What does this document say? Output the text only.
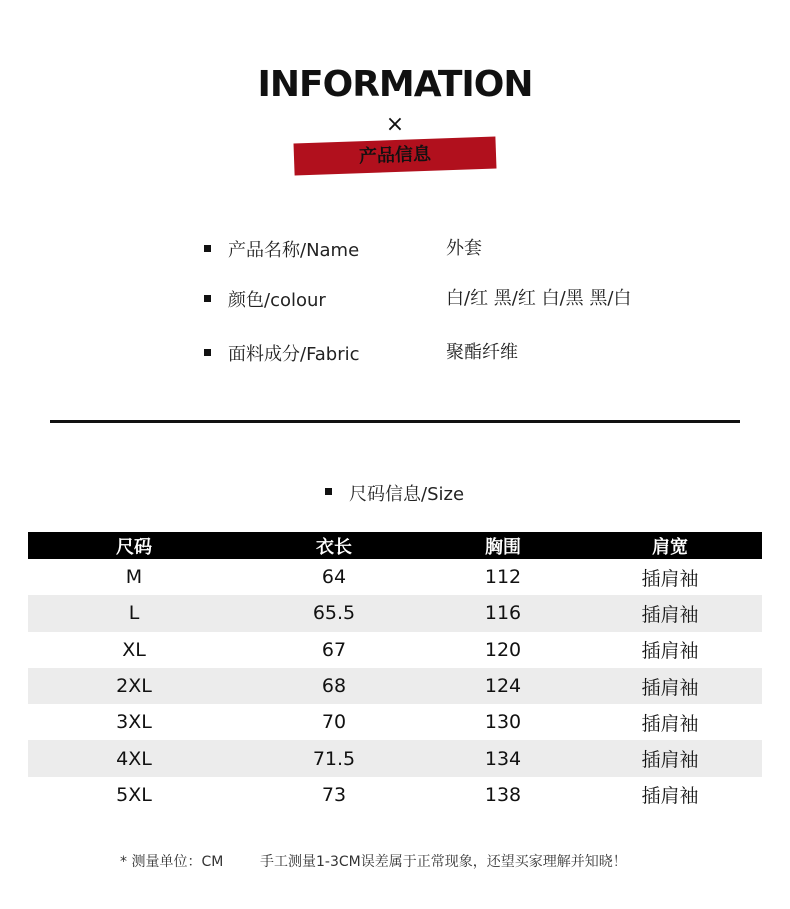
INFORMATION
×
产品信息
产品名称/Name	外套
颜色/colour	白/红 黑/红 白/黑 黑/白
面料成分/Fabric	聚酯纤维
尺码信息/Size
尺码	衣长	胸围	肩宽
M	64	112	插肩袖
L	65.5	116	插肩袖
XL	67	120	插肩袖
2XL	68	124	插肩袖
3XL	70	130	插肩袖
4XL	71.5	134	插肩袖
5XL	73	138	插肩袖
* 测量单位：CM	手工测量1-3CM误差属于正常现象，还望买家理解并知晓！
